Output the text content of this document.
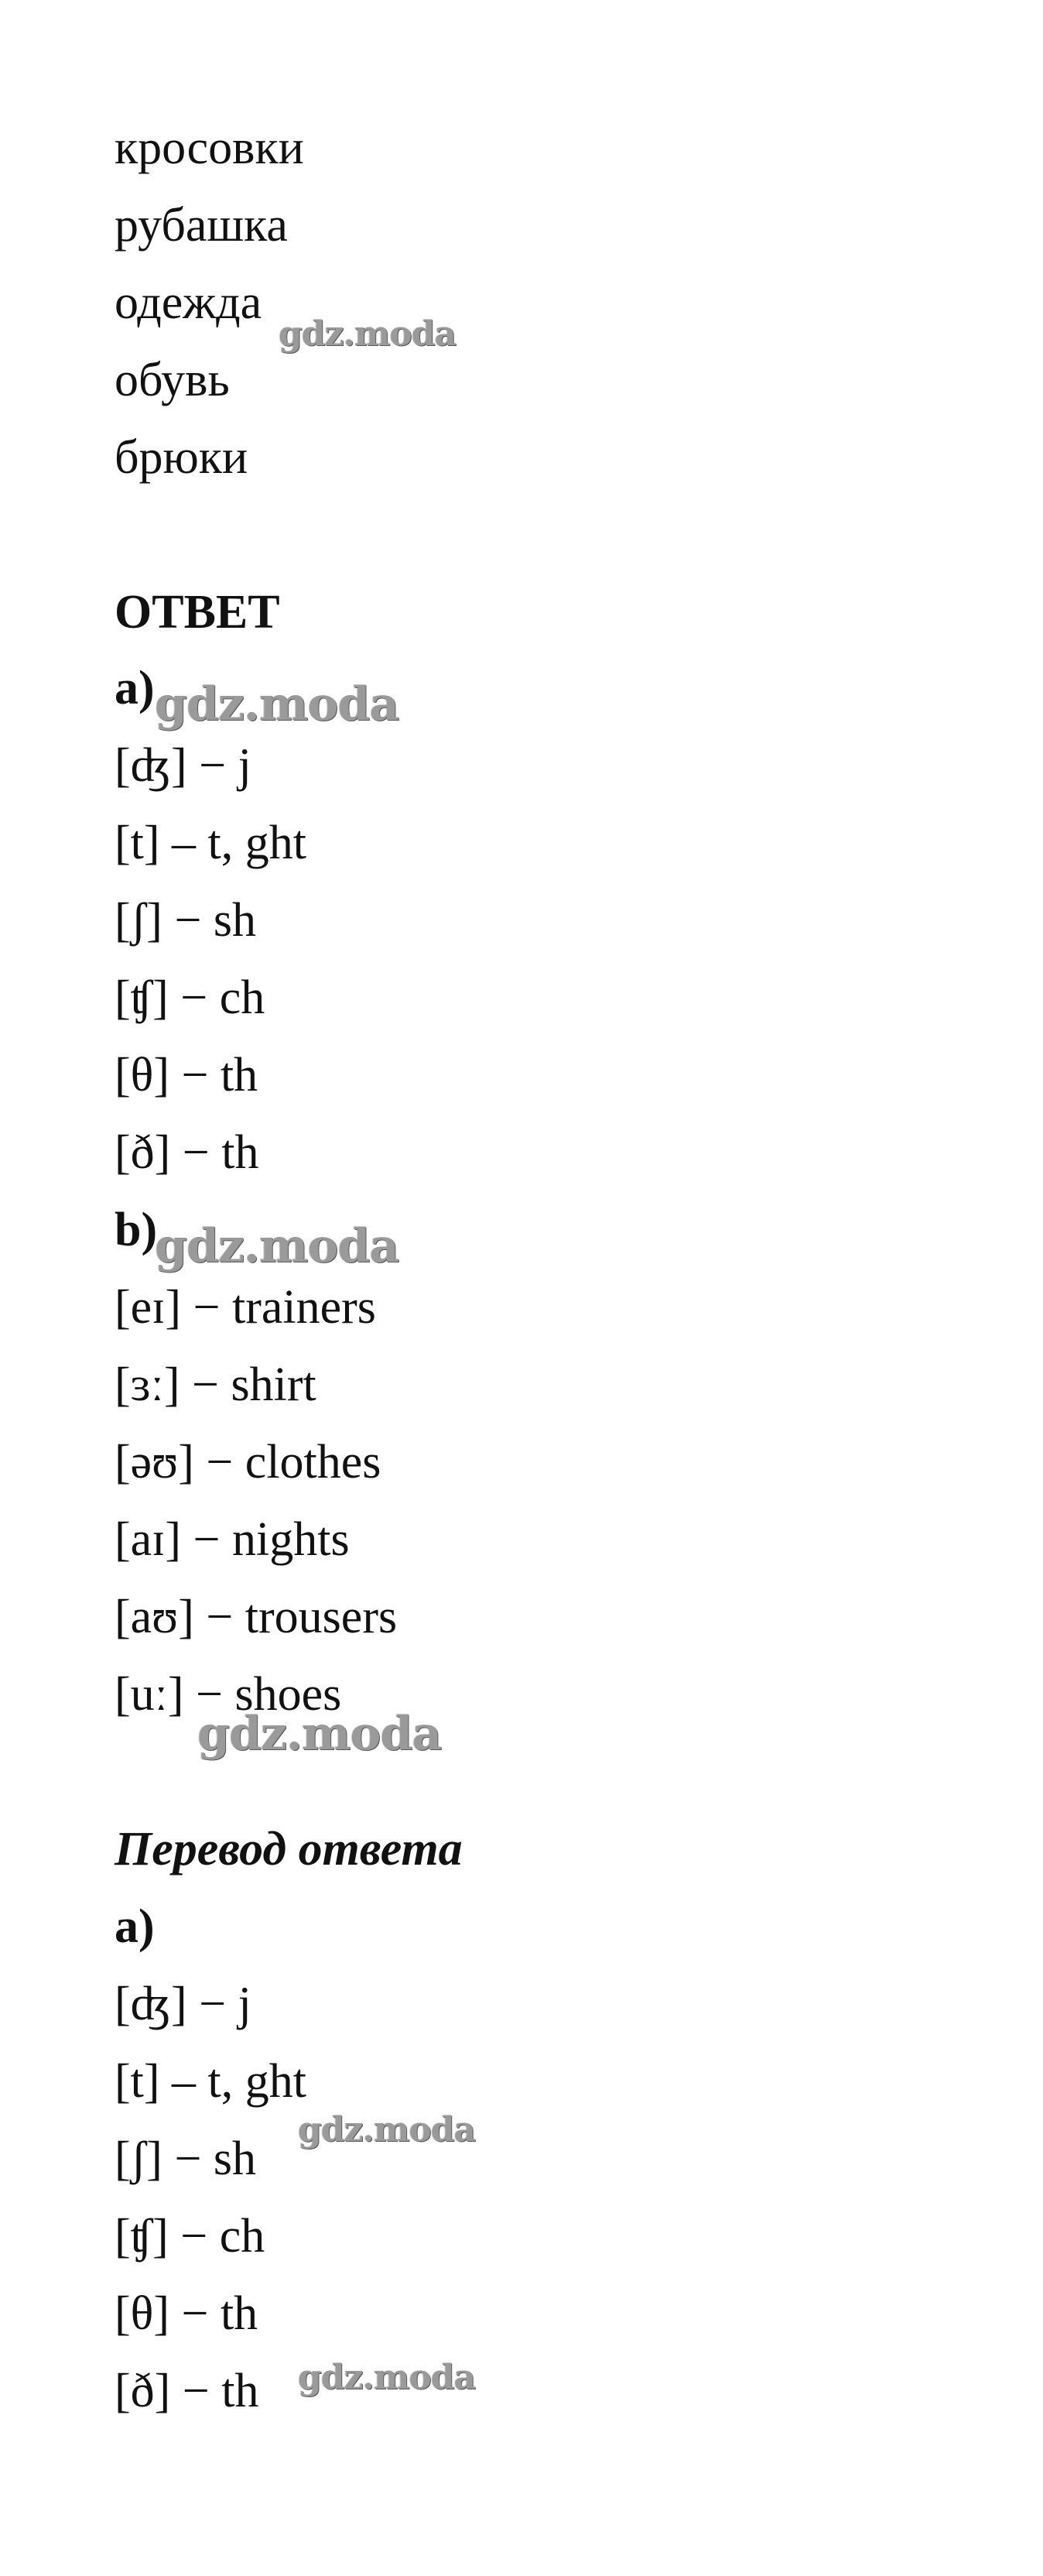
кросовки
рубашка
одежда
обувь
брюки
ОТВЕТ
a)
[ʤ] − j
[t] – t, ght
[ʃ] − sh
[ʧ] − ch
[θ] − th
[ð] − th
b)
[eɪ] − trainers
[ɜː] − shirt
[əʊ] − clothes
[aɪ] − nights
[aʊ] − trousers
[uː] − shoes
Перевод ответа
a)
[ʤ] − j
[t] – t, ght
[ʃ] − sh
[ʧ] − ch
[θ] − th
[ð] − th
gdz.moda
gdz.moda
gdz.moda
gdz.moda
gdz.moda
gdz.moda
